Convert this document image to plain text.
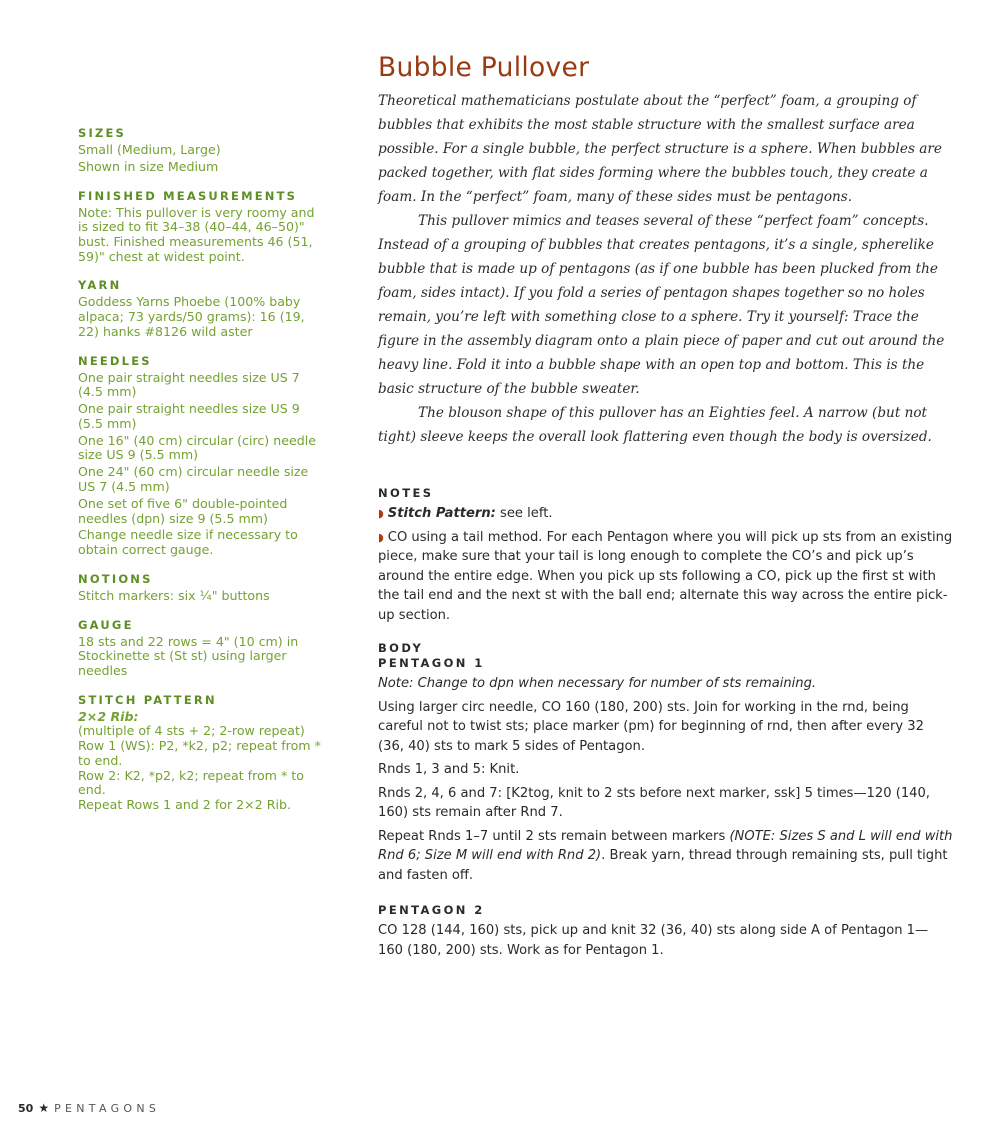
SIZES
Small (Medium, Large)
Shown in size Medium
FINISHED MEASUREMENTS
Note: This pullover is very roomy and is sized to fit 34–38 (40–44, 46–50)" bust. Finished measurements 46 (51, 59)" chest at widest point.
YARN
Goddess Yarns Phoebe (100% baby alpaca; 73 yards/50 grams): 16 (19, 22) hanks #8126 wild aster
NEEDLES
One pair straight needles size US 7 (4.5 mm)
One pair straight needles size US 9 (5.5 mm)
One 16" (40 cm) circular (circ) needle size US 9 (5.5 mm)
One 24" (60 cm) circular needle size US 7 (4.5 mm)
One set of five 6" double-pointed needles (dpn) size 9 (5.5 mm)
Change needle size if necessary to obtain correct gauge.
NOTIONS
Stitch markers: six ¼" buttons
GAUGE
18 sts and 22 rows = 4" (10 cm) in Stockinette st (St st) using larger needles
STITCH PATTERN
2×2 Rib:
(multiple of 4 sts + 2; 2-row repeat)
Row 1 (WS): P2, *k2, p2; repeat from * to end.
Row 2: K2, *p2, k2; repeat from * to end.
Repeat Rows 1 and 2 for 2×2 Rib.
Bubble Pullover

Theoretical mathematicians postulate about the “perfect” foam, a grouping of bubbles that exhibits the most stable structure with the smallest surface area possible. For a single bubble, the perfect structure is a sphere. When bubbles are packed together, with flat sides forming where the bubbles touch, they create a foam. In the “perfect” foam, many of these sides must be pentagons.

This pullover mimics and teases several of these “perfect foam” concepts. Instead of a grouping of bubbles that creates pentagons, it’s a single, spherelike bubble that is made up of pentagons (as if one bubble has been plucked from the foam, sides intact). If you fold a series of pentagon shapes together so no holes remain, you’re left with something close to a sphere. Try it yourself: Trace the figure in the assembly diagram onto a plain piece of paper and cut out around the heavy line. Fold it into a bubble shape with an open top and bottom. This is the basic structure of the bubble sweater.

The blouson shape of this pullover has an Eighties feel. A narrow (but not tight) sleeve keeps the overall look flattering even though the body is oversized.

NOTES

◗ Stitch Pattern: see left.

◗ CO using a tail method. For each Pentagon where you will pick up sts from an existing piece, make sure that your tail is long enough to complete the CO’s and pick up’s around the entire edge. When you pick up sts following a CO, pick up the first st with the tail end and the next st with the ball end; alternate this way across the entire pick-up section.

BODY
PENTAGON 1

Note: Change to dpn when necessary for number of sts remaining.

Using larger circ needle, CO 160 (180, 200) sts. Join for working in the rnd, being careful not to twist sts; place marker (pm) for beginning of rnd, then after every 32 (36, 40) sts to mark 5 sides of Pentagon.

Rnds 1, 3 and 5: Knit.

Rnds 2, 4, 6 and 7: [K2tog, knit to 2 sts before next marker, ssk] 5 times—120 (140, 160) sts remain after Rnd 7.

Repeat Rnds 1–7 until 2 sts remain between markers (NOTE: Sizes S and L will end with Rnd 6; Size M will end with Rnd 2). Break yarn, thread through remaining sts, pull tight and fasten off.

PENTAGON 2

CO 128 (144, 160) sts, pick up and knit 32 (36, 40) sts along side A of Pentagon 1—160 (180, 200) sts. Work as for Pentagon 1.

50 ★ PENTAGONS
